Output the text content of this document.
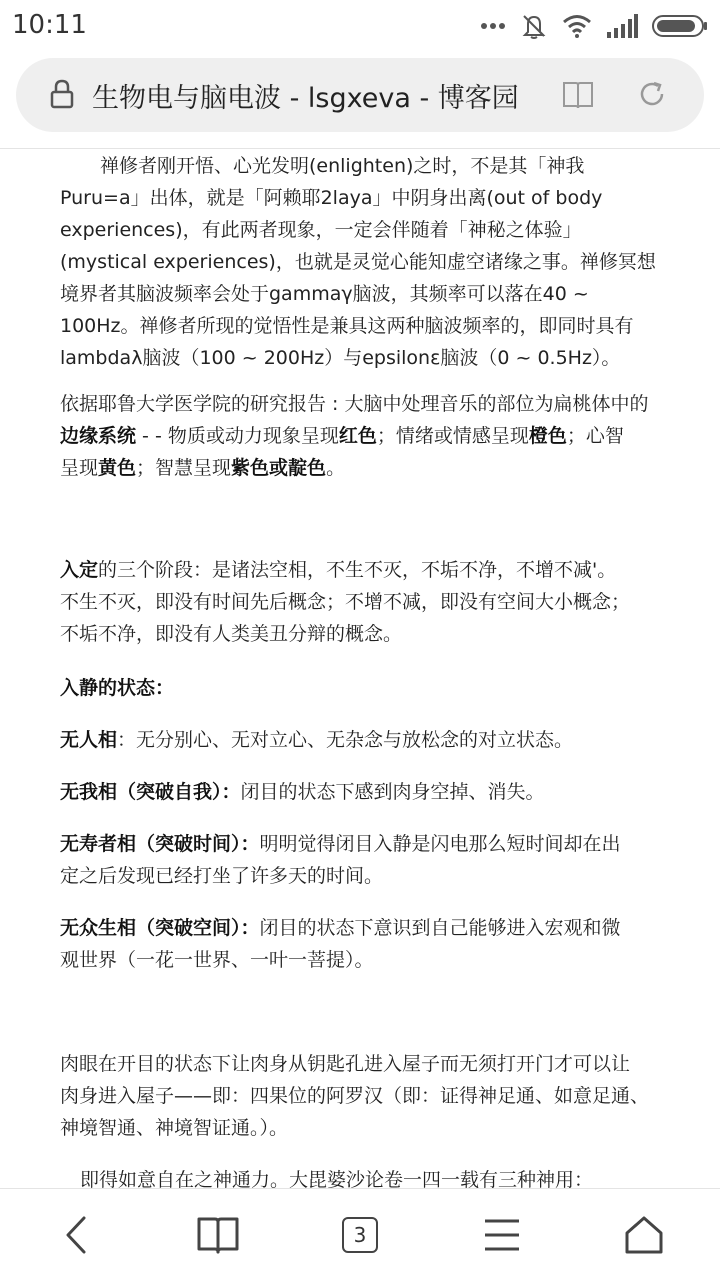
10:11
生物电与脑电波 - lsgxeva - 博客园
禅修者刚开悟、心光发明(enlighten)之时，不是其「神我
Puru=a」出体，就是「阿赖耶2laya」中阴身出离(out of body
experiences)，有此两者现象，一定会伴随着「神秘之体验」
(mystical experiences)，也就是灵觉心能知虚空诸缘之事。禅修冥想
境界者其脑波频率会处于gammaγ脑波，其频率可以落在40 ~
100Hz。禅修者所现的觉悟性是兼具这两种脑波频率的，即同时具有
lambdaλ脑波（100 ~ 200Hz）与epsilonε脑波（0 ~ 0.5Hz）。
依据耶鲁大学医学院的研究报告 : 大脑中处理音乐的部位为扁桃体中的
边缘系统 - - 物质或动力现象呈现红色；情绪或情感呈现橙色；心智
呈现黄色；智慧呈现紫色或靛色。
入定的三个阶段：是诸法空相，不生不灭，不垢不净，不增不减'。
不生不灭，即没有时间先后概念；不增不减，即没有空间大小概念；
不垢不净，即没有人类美丑分辩的概念。
入静的状态：
无人相：无分别心、无对立心、无杂念与放松念的对立状态。
无我相（突破自我）：闭目的状态下感到肉身空掉、消失。
无寿者相（突破时间）：明明觉得闭目入静是闪电那么短时间却在出
定之后发现已经打坐了许多天的时间。
无众生相（突破空间）：闭目的状态下意识到自己能够进入宏观和微
观世界（一花一世界、一叶一菩提）。
肉眼在开目的状态下让肉身从钥匙孔进入屋子而无须打开门才可以让
肉身进入屋子——即：四果位的阿罗汉（即：证得神足通、如意足通、
神境智通、神境智证通。）。
即得如意自在之神通力。大毘婆沙论卷一四一载有三种神用：
3
